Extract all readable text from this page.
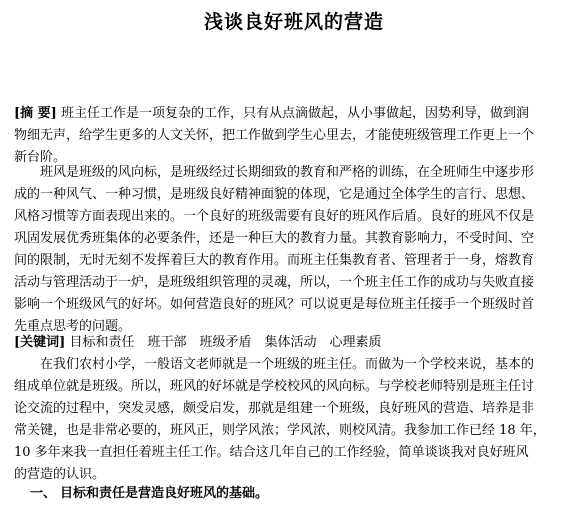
浅谈良好班风的营造
[摘 要] 班主任工作是一项复杂的工作，只有从点滴做起，从小事做起，因势利导，做到润
物细无声，给学生更多的人文关怀，把工作做到学生心里去，才能使班级管理工作更上一个
新台阶。
班风是班级的风向标，是班级经过长期细致的教育和严格的训练，在全班师生中逐步形
成的一种风气、一种习惯，是班级良好精神面貌的体现，它是通过全体学生的言行、思想、
风格习惯等方面表现出来的。一个良好的班级需要有良好的班风作后盾。良好的班风不仅是
巩固发展优秀班集体的必要条件，还是一种巨大的教育力量。其教育影响力，不受时间、空
间的限制，无时无刻不发挥着巨大的教育作用。而班主任集教育者、管理者于一身，熔教育
活动与管理活动于一炉，是班级组织管理的灵魂，所以，一个班主任工作的成功与失败直接
影响一个班级风气的好坏。如何营造良好的班风？可以说更是每位班主任接手一个班级时首
先重点思考的问题。
[关键词] 目标和责任　班干部　班级矛盾　集体活动　心理素质
在我们农村小学，一般语文老师就是一个班级的班主任。而做为一个学校来说，基本的
组成单位就是班级。所以，班风的好坏就是学校校风的风向标。与学校老师特别是班主任讨
论交流的过程中，突发灵感，颇受启发，那就是组建一个班级，良好班风的营造、培养是非
常关键，也是非常必要的，班风正，则学风浓；学风浓，则校风清。我参加工作已经 18 年，
10 多年来我一直担任着班主任工作。结合这几年自己的工作经验，简单谈谈我对良好班风
的营造的认识。
一、 目标和责任是营造良好班风的基础。
